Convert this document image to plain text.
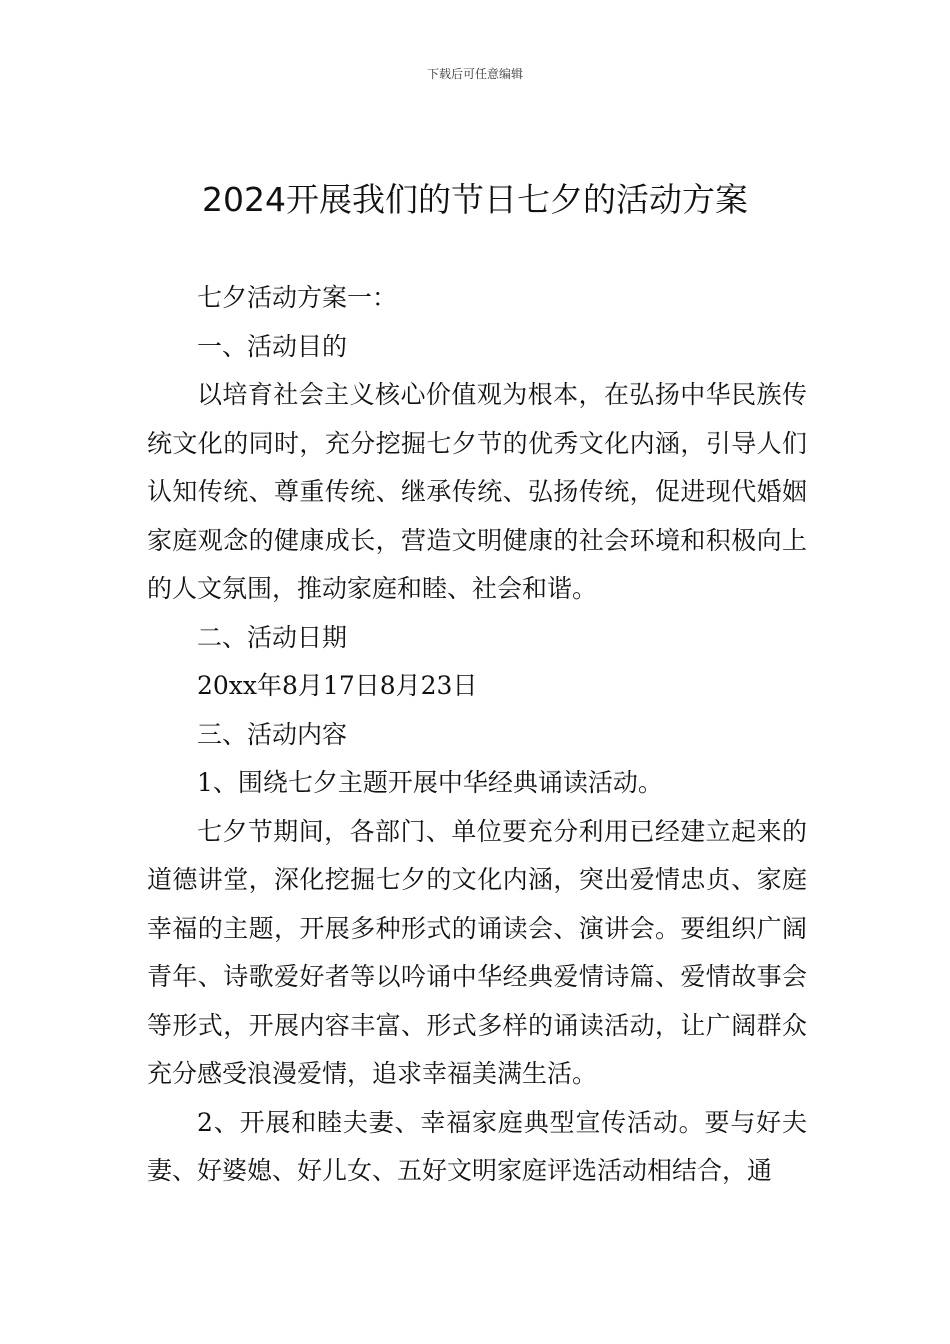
下载后可任意编辑
2024开展我们的节日七夕的活动方案

七夕活动方案一：

一、活动目的

以培育社会主义核心价值观为根本，在弘扬中华民族传统文化的同时，充分挖掘七夕节的优秀文化内涵，引导人们认知传统、尊重传统、继承传统、弘扬传统，促进现代婚姻家庭观念的健康成长，营造文明健康的社会环境和积极向上的人文氛围，推动家庭和睦、社会和谐。

二、活动日期

20xx年8月17日8月23日

三、活动内容

1、围绕七夕主题开展中华经典诵读活动。

七夕节期间，各部门、单位要充分利用已经建立起来的道德讲堂，深化挖掘七夕的文化内涵，突出爱情忠贞、家庭幸福的主题，开展多种形式的诵读会、演讲会。要组织广阔青年、诗歌爱好者等以吟诵中华经典爱情诗篇、爱情故事会等形式，开展内容丰富、形式多样的诵读活动，让广阔群众充分感受浪漫爱情，追求幸福美满生活。

2、开展和睦夫妻、幸福家庭典型宣传活动。要与好夫妻、好婆媳、好儿女、五好文明家庭评选活动相结合，通
